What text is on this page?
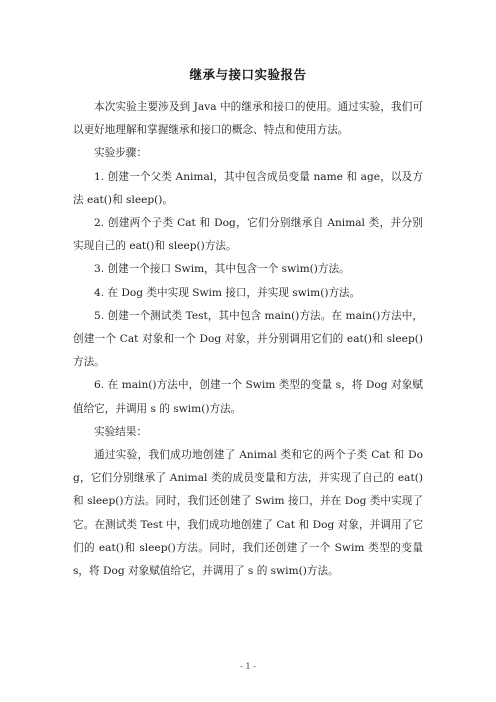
继承与接口实验报告

本次实验主要涉及到 Java 中的继承和接口的使用。通过实验，我们可以更好地理解和掌握继承和接口的概念、特点和使用方法。

实验步骤：

1. 创建一个父类 Animal，其中包含成员变量 name 和 age，以及方法 eat()和 sleep()。

2. 创建两个子类 Cat 和 Dog，它们分别继承自 Animal 类，并分别实现自己的 eat()和 sleep()方法。

3. 创建一个接口 Swim，其中包含一个 swim()方法。

4. 在 Dog 类中实现 Swim 接口，并实现 swim()方法。

5. 创建一个测试类 Test，其中包含 main()方法。在 main()方法中，创建一个 Cat 对象和一个 Dog 对象，并分别调用它们的 eat()和 sleep()方法。

6. 在 main()方法中，创建一个 Swim 类型的变量 s，将 Dog 对象赋值给它，并调用 s 的 swim()方法。

实验结果：

通过实验，我们成功地创建了 Animal 类和它的两个子类 Cat 和 Dog，它们分别继承了 Animal 类的成员变量和方法，并实现了自己的 eat()和 sleep()方法。同时，我们还创建了 Swim 接口，并在 Dog 类中实现了它。在测试类 Test 中，我们成功地创建了 Cat 和 Dog 对象，并调用了它们的 eat()和 sleep()方法。同时，我们还创建了一个 Swim 类型的变量 s，将 Dog 对象赋值给它，并调用了 s 的 swim()方法。

- 1 -
